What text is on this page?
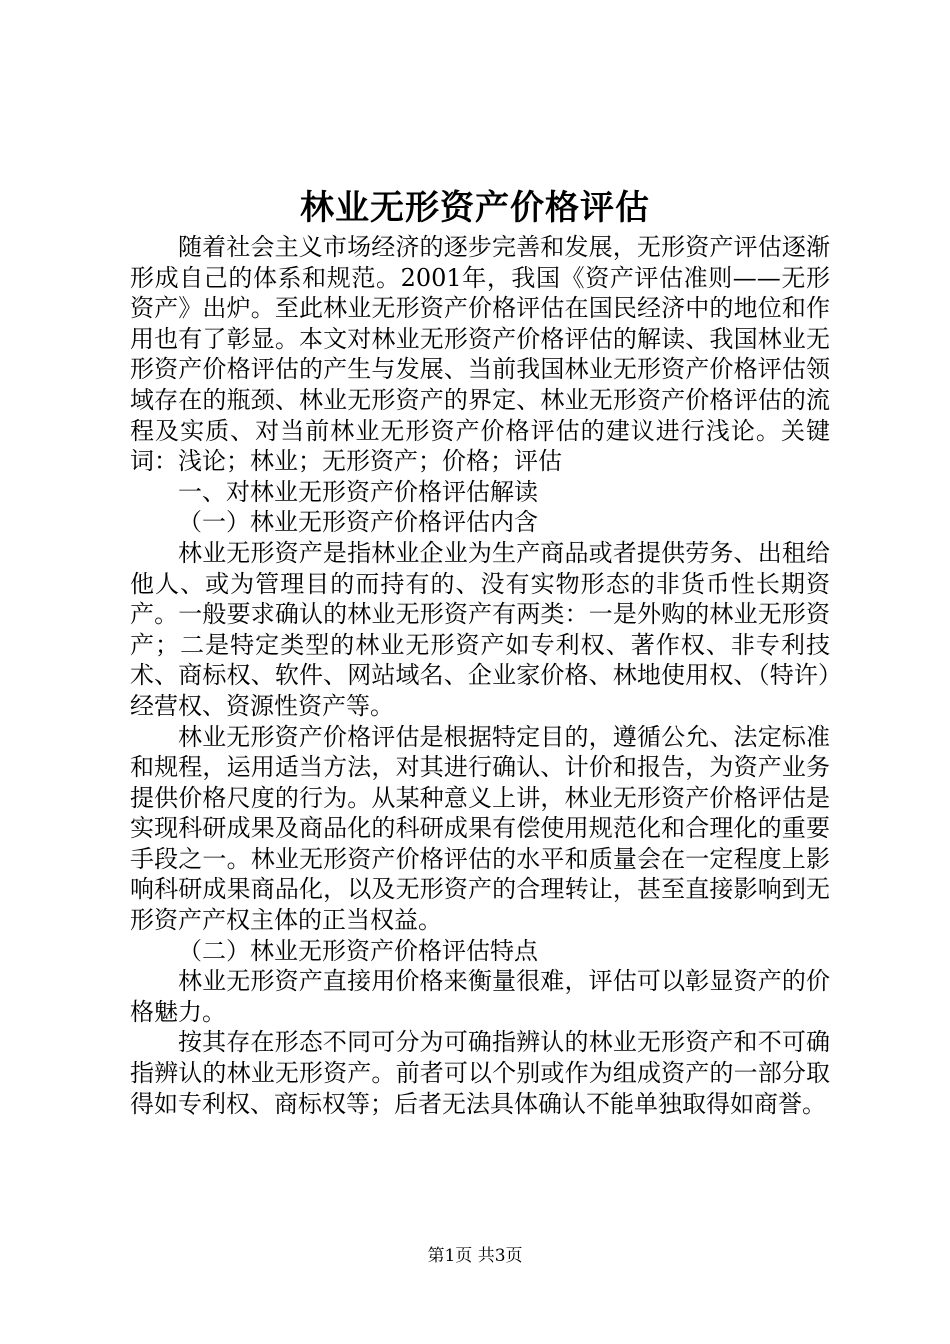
林业无形资产价格评估

随着社会主义市场经济的逐步完善和发展，无形资产评估逐渐形成自己的体系和规范。2001年，我国《资产评估准则——无形资产》出炉。至此林业无形资产价格评估在国民经济中的地位和作用也有了彰显。本文对林业无形资产价格评估的解读、我国林业无形资产价格评估的产生与发展、当前我国林业无形资产价格评估领域存在的瓶颈、林业无形资产的界定、林业无形资产价格评估的流程及实质、对当前林业无形资产价格评估的建议进行浅论。关键词：浅论；林业；无形资产；价格；评估

一、对林业无形资产价格评估解读

（一）林业无形资产价格评估内含

林业无形资产是指林业企业为生产商品或者提供劳务、出租给他人、或为管理目的而持有的、没有实物形态的非货币性长期资产。一般要求确认的林业无形资产有两类：一是外购的林业无形资产；二是特定类型的林业无形资产如专利权、著作权、非专利技术、商标权、软件、网站域名、企业家价格、林地使用权、（特许）经营权、资源性资产等。

林业无形资产价格评估是根据特定目的，遵循公允、法定标准和规程，运用适当方法，对其进行确认、计价和报告，为资产业务提供价格尺度的行为。从某种意义上讲，林业无形资产价格评估是实现科研成果及商品化的科研成果有偿使用规范化和合理化的重要手段之一。林业无形资产价格评估的水平和质量会在一定程度上影响科研成果商品化，以及无形资产的合理转让，甚至直接影响到无形资产产权主体的正当权益。

（二）林业无形资产价格评估特点

林业无形资产直接用价格来衡量很难，评估可以彰显资产的价格魅力。

按其存在形态不同可分为可确指辨认的林业无形资产和不可确指辨认的林业无形资产。前者可以个别或作为组成资产的一部分取得如专利权、商标权等；后者无法具体确认不能单独取得如商誉。

第1页 共3页
